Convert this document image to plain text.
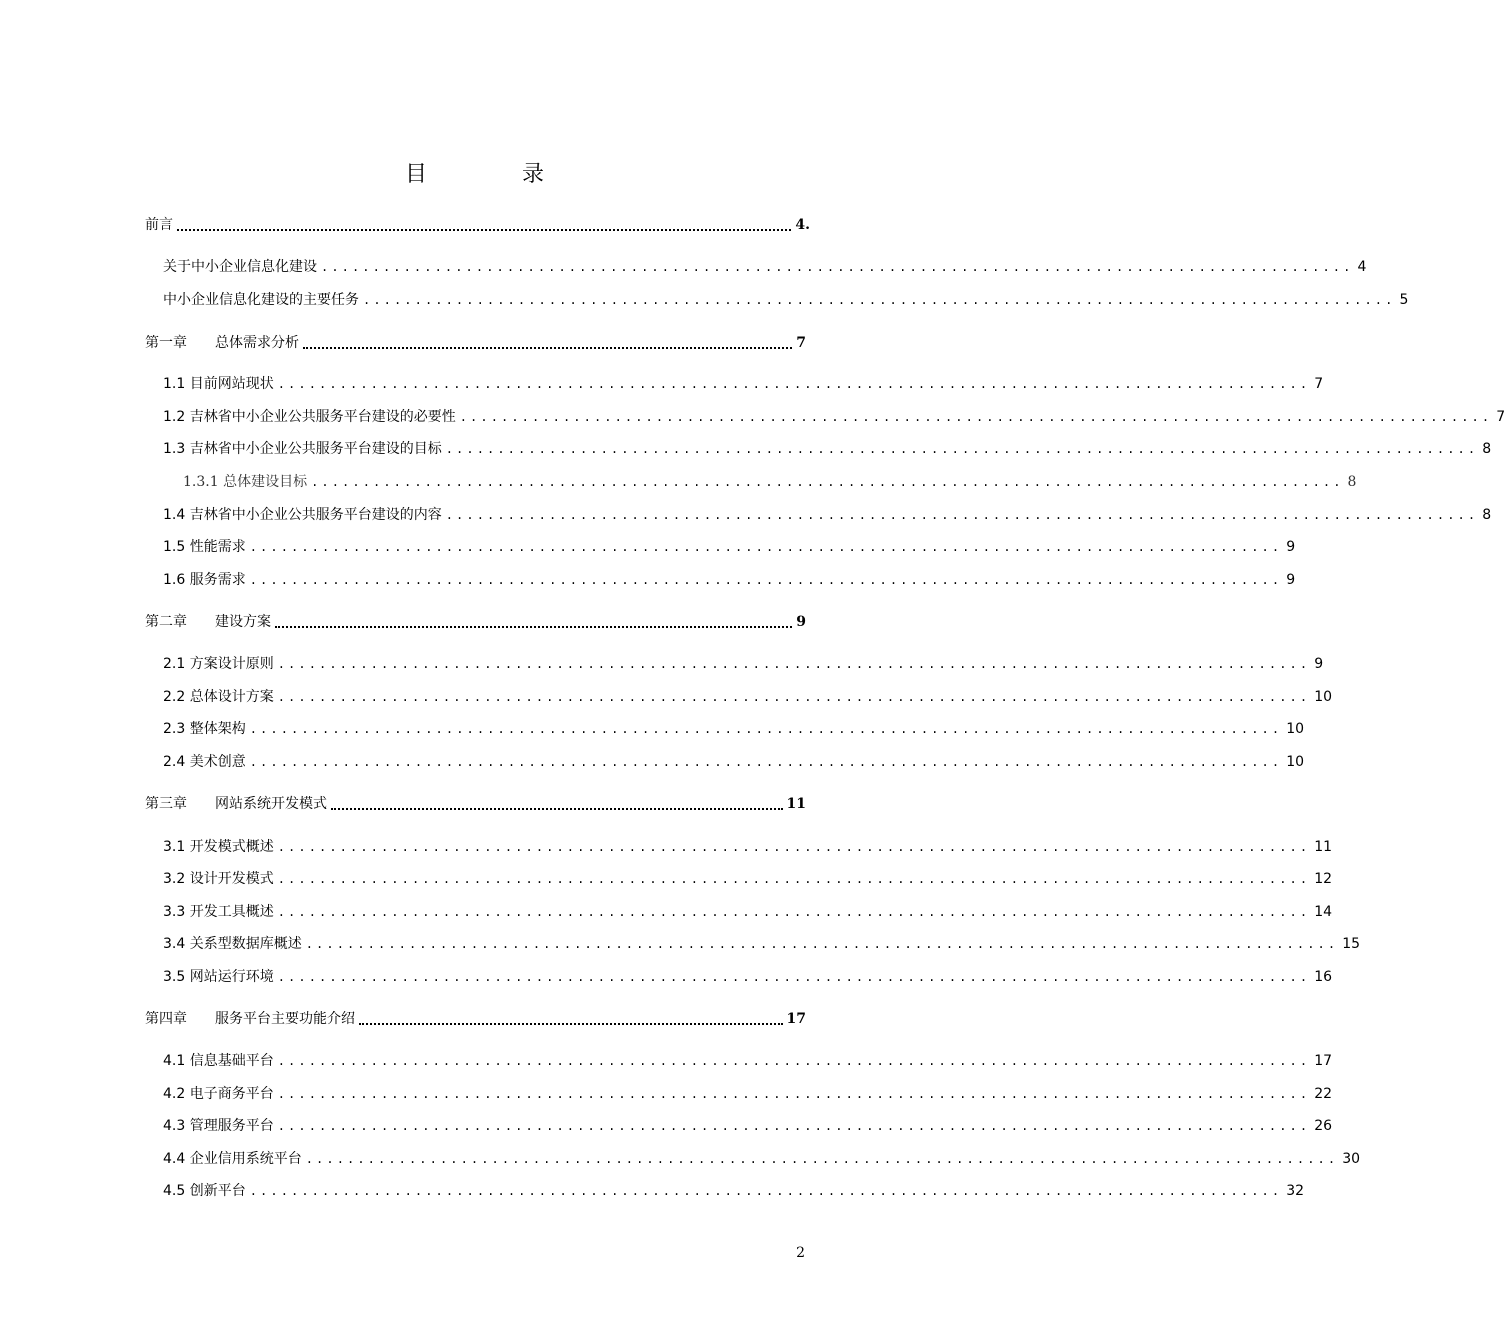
目	录
前言	4.
关于中小企业信息化建设 .................................................................................................... 4
中小企业信息化建设的主要任务 .................................................................................................... 5
第一章 总体需求分析	7
1.1 目前网站现状 .................................................................................................... 7
1.2 吉林省中小企业公共服务平台建设的必要性 .................................................................................................... 7
1.3 吉林省中小企业公共服务平台建设的目标 .................................................................................................... 8
1.3.1 总体建设目标 .................................................................................................... 8
1.4 吉林省中小企业公共服务平台建设的内容 .................................................................................................... 8
1.5 性能需求 .................................................................................................... 9
1.6 服务需求 .................................................................................................... 9
第二章 建设方案	9
2.1 方案设计原则 .................................................................................................... 9
2.2 总体设计方案 .................................................................................................... 10
2.3 整体架构 .................................................................................................... 10
2.4 美术创意 .................................................................................................... 10
第三章 网站系统开发模式	11
3.1 开发模式概述 .................................................................................................... 11
3.2 设计开发模式 .................................................................................................... 12
3.3 开发工具概述 .................................................................................................... 14
3.4 关系型数据库概述 .................................................................................................... 15
3.5 网站运行环境 .................................................................................................... 16
第四章 服务平台主要功能介绍	17
4.1 信息基础平台 .................................................................................................... 17
4.2 电子商务平台 .................................................................................................... 22
4.3 管理服务平台 .................................................................................................... 26
4.4 企业信用系统平台 .................................................................................................... 30
4.5 创新平台 .................................................................................................... 32
2
